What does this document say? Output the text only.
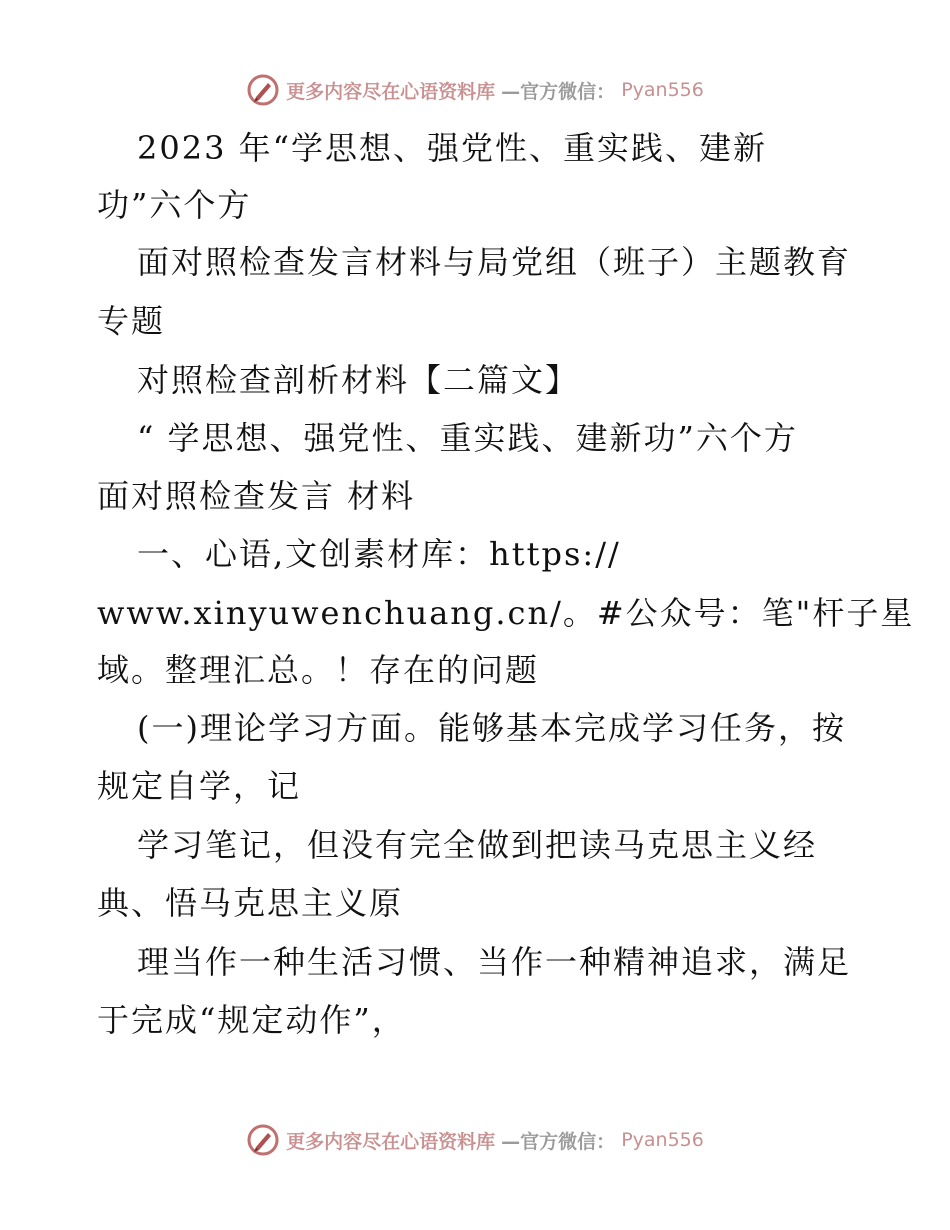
更多内容尽在心语资料库 —官方微信： Pyan556
2023 年“学思想、强党性、重实践、建新
功”六个方
面对照检查发言材料与局党组（班子）主题教育
专题
对照检查剖析材料【二篇文】
“ 学思想、强党性、重实践、建新功”六个方
面对照检查发言 材料
一、心语,文创素材库：https://
www.xinyuwenchuang.cn/。#公众号：笔"杆子星
域。整理汇总。！存在的问题
(一)理论学习方面。能够基本完成学习任务，按
规定自学，记
学习笔记，但没有完全做到把读马克思主义经
典、悟马克思主义原
理当作一种生活习惯、当作一种精神追求，满足
于完成“规定动作”，
更多内容尽在心语资料库 —官方微信： Pyan556
